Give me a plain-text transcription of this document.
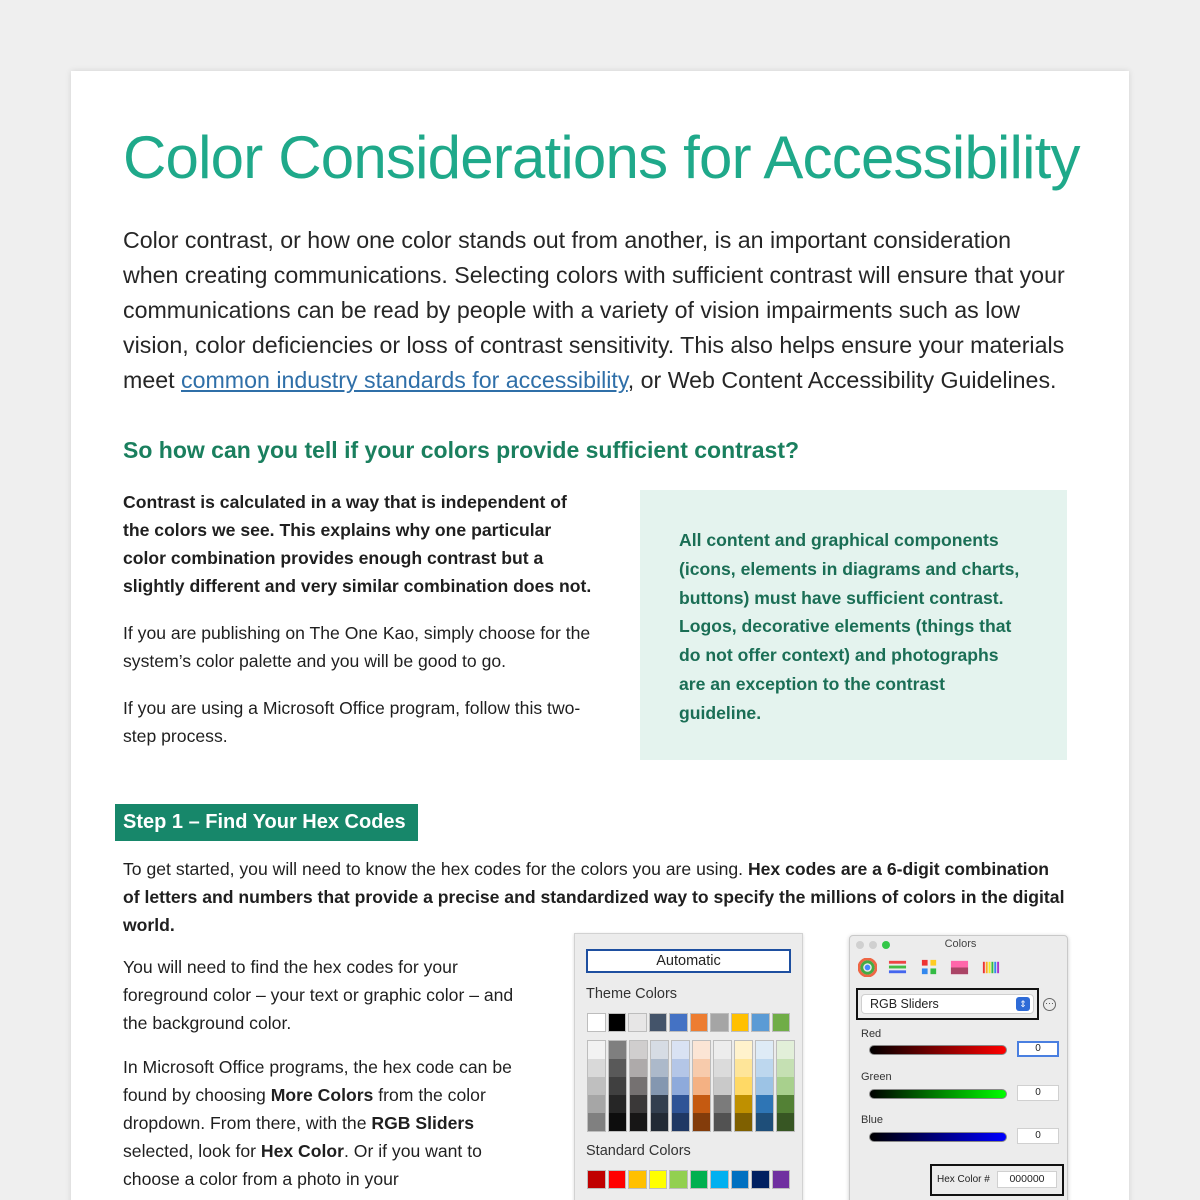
Color Considerations for Accessibility

Color contrast, or how one color stands out from another, is an important consideration when creating communications. Selecting colors with sufficient contrast will ensure that your communications can be read by people with a variety of vision impairments such as low vision, color deficiencies or loss of contrast sensitivity. This also helps ensure your materials meet common industry standards for accessibility, or Web Content Accessibility Guidelines.

So how can you tell if your colors provide sufficient contrast?

Contrast is calculated in a way that is independent of the colors we see. This explains why one particular color combination provides enough contrast but a slightly different and very similar combination does not.

If you are publishing on The One Kao, simply choose for the system’s color palette and you will be good to go.

If you are using a Microsoft Office program, follow this two-step process.

All content and graphical components (icons, elements in diagrams and charts, buttons) must have sufficient contrast. Logos, decorative elements (things that do not offer context) and photographs are an exception to the contrast guideline.

Step 1 – Find Your Hex Codes

To get started, you will need to know the hex codes for the colors you are using. Hex codes are a 6-digit combination of letters and numbers that provide a precise and standardized way to specify the millions of colors in the digital world.

You will need to find the hex codes for your foreground color – your text or graphic color – and the background color.

In Microsoft Office programs, the hex code can be found by choosing More Colors from the color dropdown. From there, with the RGB Sliders selected, look for Hex Color. Or if you want to choose a color from a photo in your

Automatic
Theme Colors
Standard Colors
Colors
RGB Sliders	⇕	···
Red
0
Green
0
Blue
0
Hex Color #	000000
